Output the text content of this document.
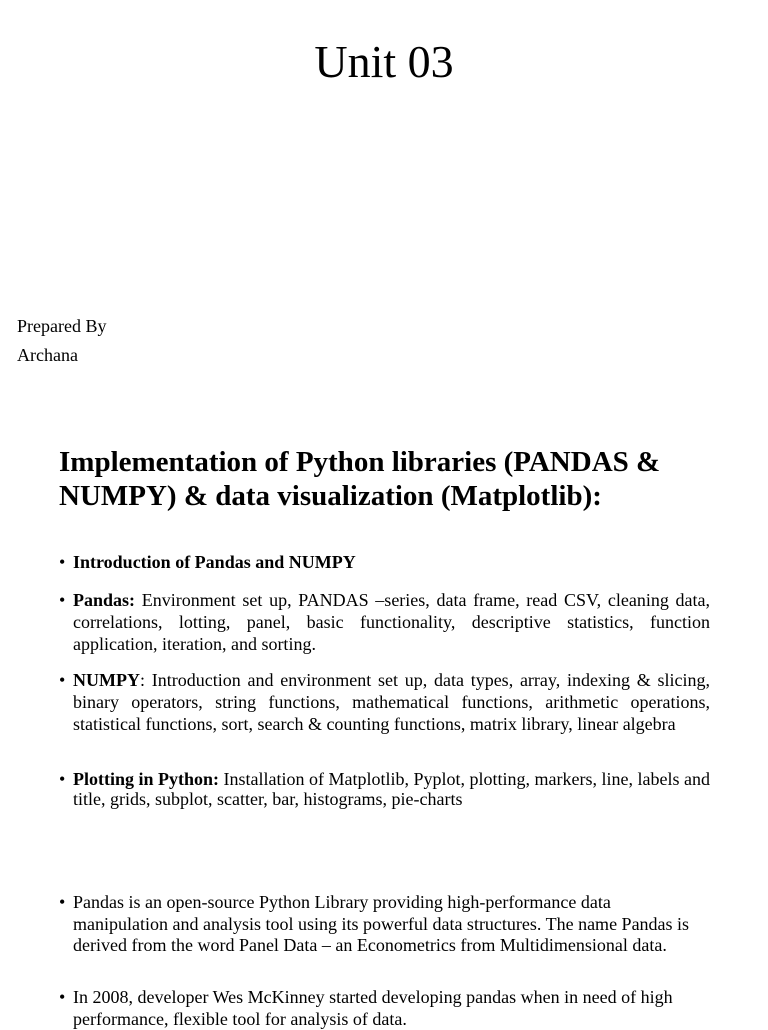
Unit 03
Prepared By
Archana
Implementation of Python libraries (PANDAS & NUMPY) & data visualization (Matplotlib):
• Introduction of Pandas and NUMPY
• Pandas: Environment set up, PANDAS –series, data frame, read CSV, cleaning data, correlations, lotting, panel, basic functionality, descriptive statistics, function application, iteration, and sorting.
• NUMPY: Introduction and environment set up, data types, array, indexing & slicing, binary operators, string functions, mathematical functions, arithmetic operations, statistical functions, sort, search & counting functions, matrix library, linear algebra
• Plotting in Python: Installation of Matplotlib, Pyplot, plotting, markers, line, labels and title, grids, subplot, scatter, bar, histograms, pie-charts
• Pandas is an open-source Python Library providing high-performance data manipulation and analysis tool using its powerful data structures. The name Pandas is derived from the word Panel Data – an Econometrics from Multidimensional data.
• In 2008, developer Wes McKinney started developing pandas when in need of high performance, flexible tool for analysis of data.
